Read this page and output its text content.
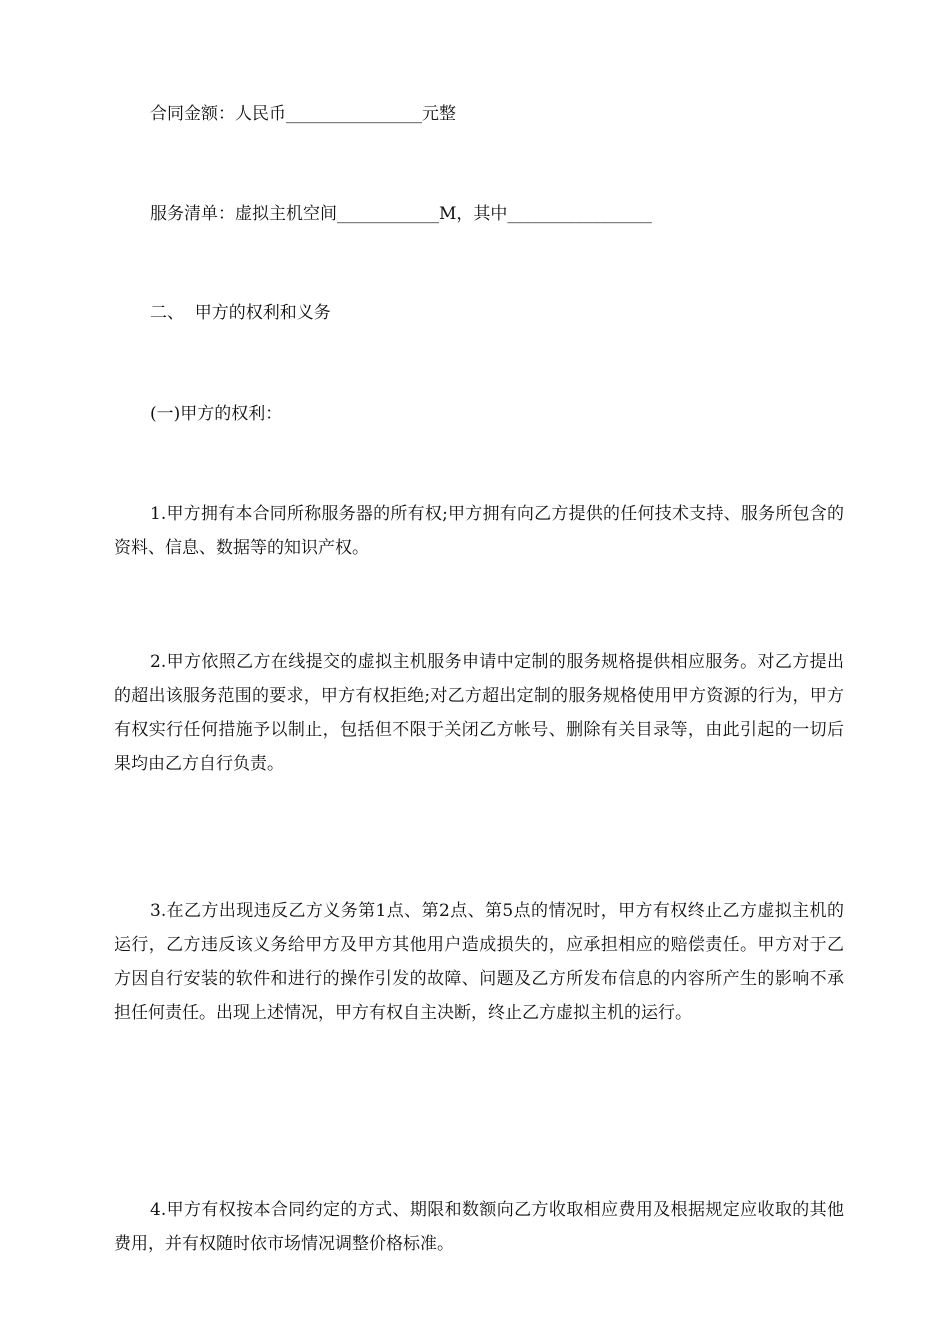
合同金额：人民币________________元整
服务清单：虚拟主机空间____________M，其中_________________
二、  甲方的权利和义务
(一)甲方的权利：
1.甲方拥有本合同所称服务器的所有权;甲方拥有向乙方提供的任何技术支持、服务所包含的资料、信息、数据等的知识产权。
2.甲方依照乙方在线提交的虚拟主机服务申请中定制的服务规格提供相应服务。对乙方提出的超出该服务范围的要求，甲方有权拒绝;对乙方超出定制的服务规格使用甲方资源的行为，甲方有权实行任何措施予以制止，包括但不限于关闭乙方帐号、删除有关目录等，由此引起的一切后果均由乙方自行负责。
3.在乙方出现违反乙方义务第1点、第2点、第5点的情况时，甲方有权终止乙方虚拟主机的运行，乙方违反该义务给甲方及甲方其他用户造成损失的，应承担相应的赔偿责任。甲方对于乙方因自行安装的软件和进行的操作引发的故障、问题及乙方所发布信息的内容所产生的影响不承担任何责任。出现上述情况，甲方有权自主决断，终止乙方虚拟主机的运行。
4.甲方有权按本合同约定的方式、期限和数额向乙方收取相应费用及根据规定应收取的其他费用，并有权随时依市场情况调整价格标准。
